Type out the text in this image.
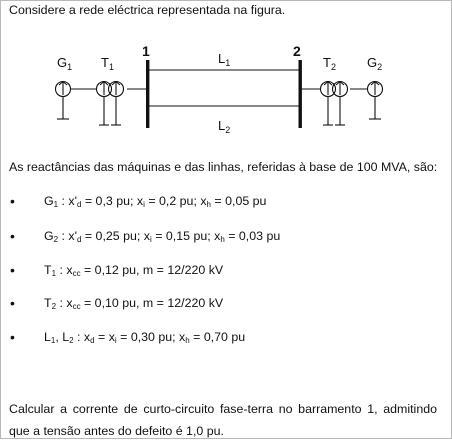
Considere a rede eléctrica representada na figura.

1	2
$G_1$ $T_1$
$L_1$
$L_2$
$T_2$ $G_2$

As reactâncias das máquinas e das linhas, referidas à base de 100 MVA, são:

• $G_1$ : $x'_d = 0,3$ pu; $x_i = 0,2$ pu; $x_h = 0,05$ pu
• $G_2$ : $x'_d = 0,25$ pu; $x_i = 0,15$ pu; $x_h = 0,03$ pu
• $T_1$ : $x_{cc} = 0,12$ pu, m = 12/220 kV
• $T_2$ : $x_{cc} = 0,10$ pu, m = 12/220 kV
• $L_1$, $L_2$ : $x_d = x_i = 0,30$ pu; $x_h = 0,70$ pu

Calcular a corrente de curto-circuito fase-terra no barramento 1, admitindo que a tensão antes do defeito é 1,0 pu.
